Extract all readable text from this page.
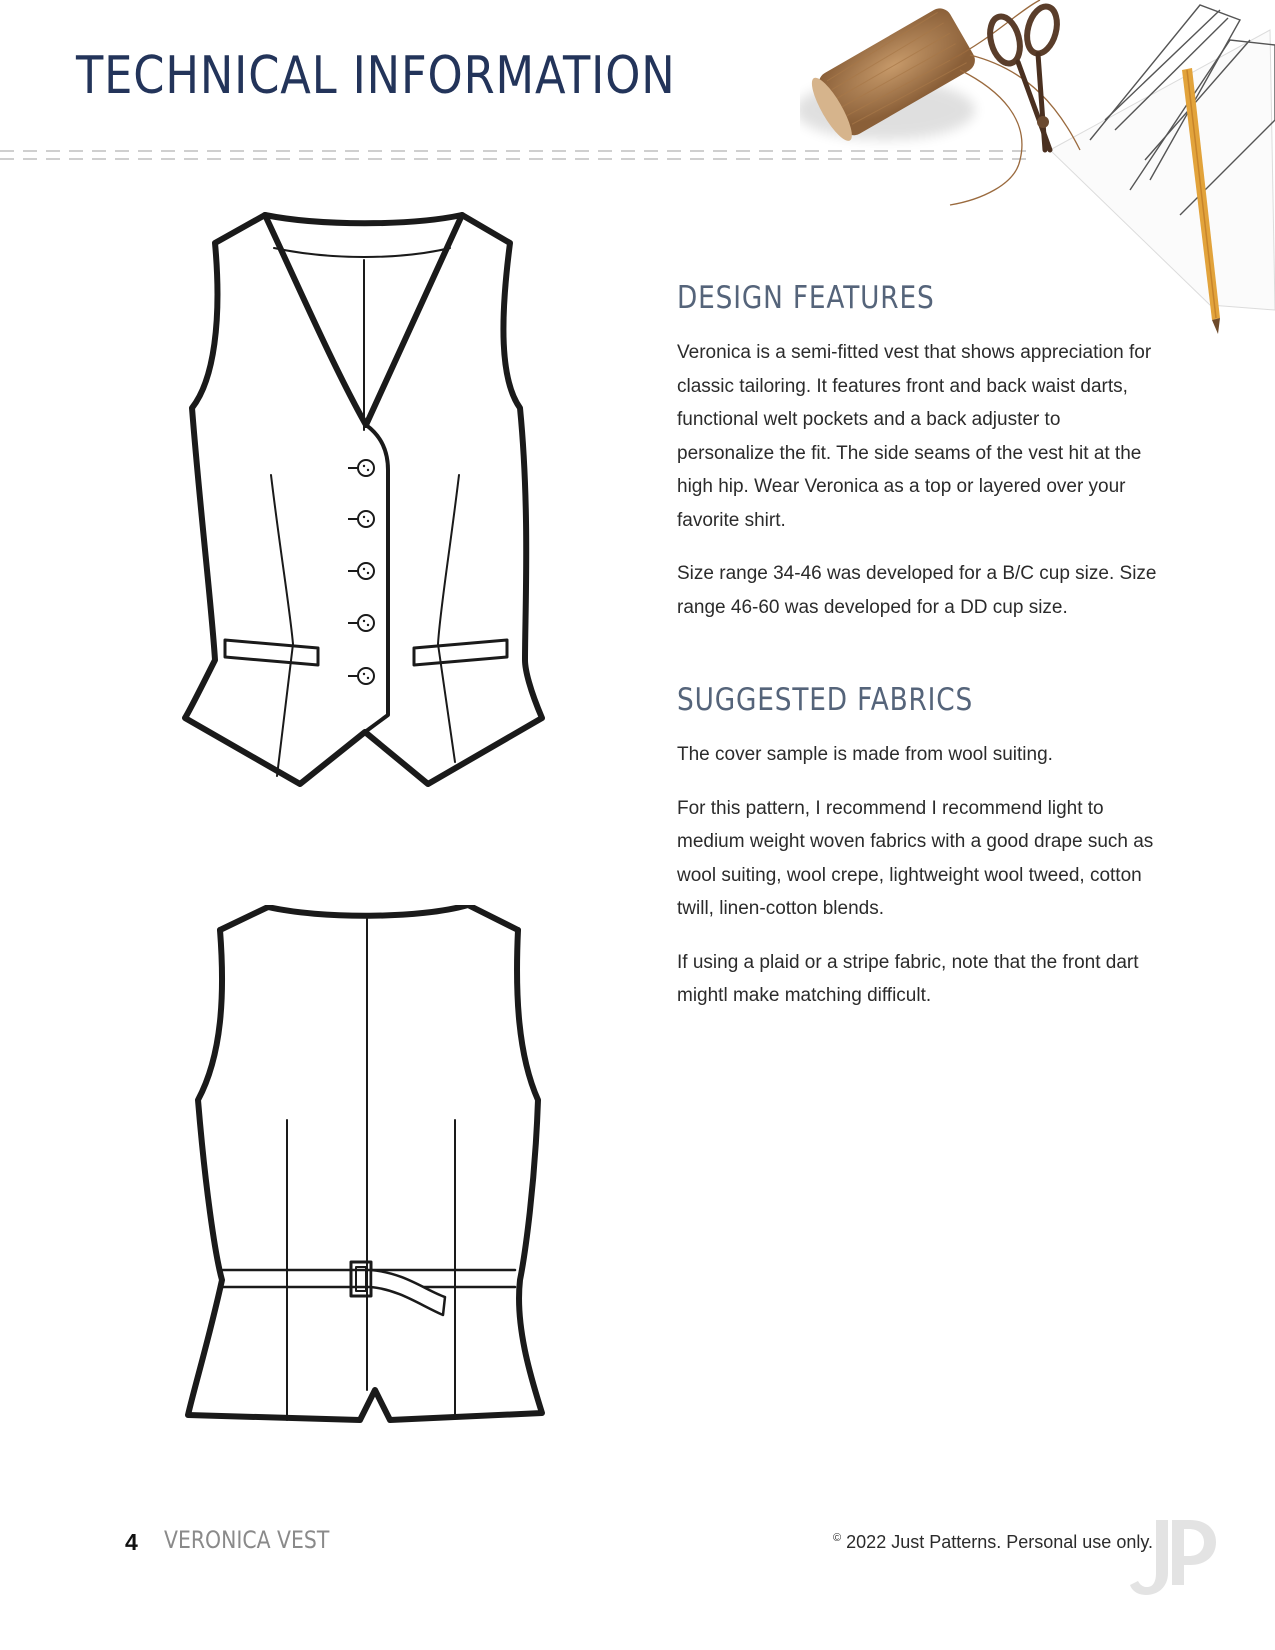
TECHNICAL INFORMATION
DESIGN FEATURES

Veronica is a semi-fitted vest that shows appreciation for classic tailoring. It features front and back waist darts, functional welt pockets and a back adjuster to personalize the fit. The side seams of the vest hit at the high hip. Wear Veronica as a top or layered over your favorite shirt.

Size range 34-46 was developed for a B/C cup size. Size range 46-60 was developed for a DD cup size.

SUGGESTED FABRICS

The cover sample is made from wool suiting.

For this pattern, I recommend I recommend light to medium weight woven fabrics with a good drape such as wool suiting, wool crepe, lightweight wool tweed, cotton twill, linen-cotton blends.

If using a plaid or a stripe fabric, note that the front dart mightl make matching difficult.

4 VERONICA VEST	© 2022 Just Patterns. Personal use only.
